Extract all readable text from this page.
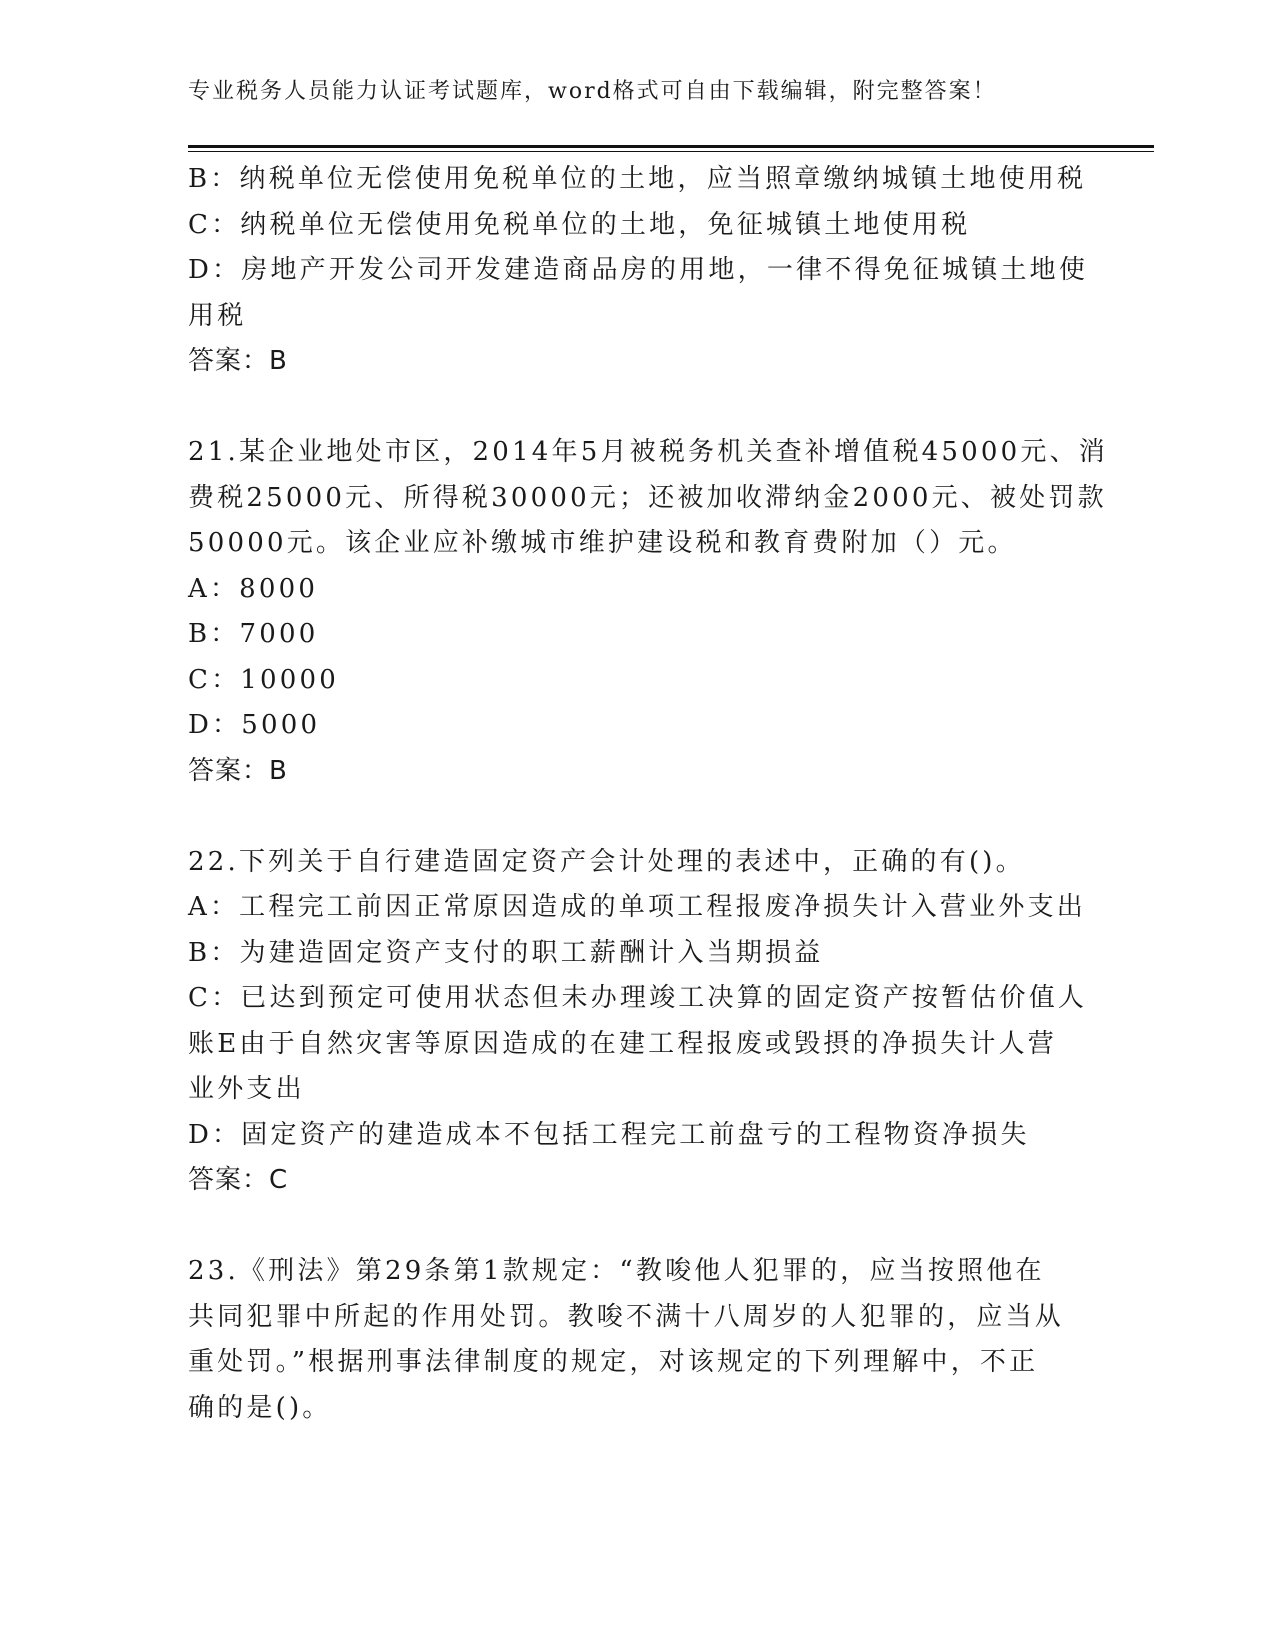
专业税务人员能力认证考试题库，word格式可自由下载编辑，附完整答案！
B：纳税单位无偿使用免税单位的土地，应当照章缴纳城镇土地使用税
C：纳税单位无偿使用免税单位的土地，免征城镇土地使用税
D：房地产开发公司开发建造商品房的用地，一律不得免征城镇土地使
用税
答案：B
21.某企业地处市区，2014年5月被税务机关查补增值税45000元、消
费税25000元、所得税30000元；还被加收滞纳金2000元、被处罚款
50000元。该企业应补缴城市维护建设税和教育费附加（）元。
A：8000
B：7000
C：10000
D：5000
答案：B
22.下列关于自行建造固定资产会计处理的表述中，正确的有()。
A：工程完工前因正常原因造成的单项工程报废净损失计入营业外支出
B：为建造固定资产支付的职工薪酬计入当期损益
C：已达到预定可使用状态但未办理竣工决算的固定资产按暂估价值人
账E由于自然灾害等原因造成的在建工程报废或毁摂的净损失计人营
业外支出
D：固定资产的建造成本不包括工程完工前盘亏的工程物资净损失
答案：C
23.《刑法》第29条第1款规定：“教唆他人犯罪的，应当按照他在
共同犯罪中所起的作用处罚。教唆不满十八周岁的人犯罪的，应当从
重处罚。”根据刑事法律制度的规定，对该规定的下列理解中，不正
确的是()。
